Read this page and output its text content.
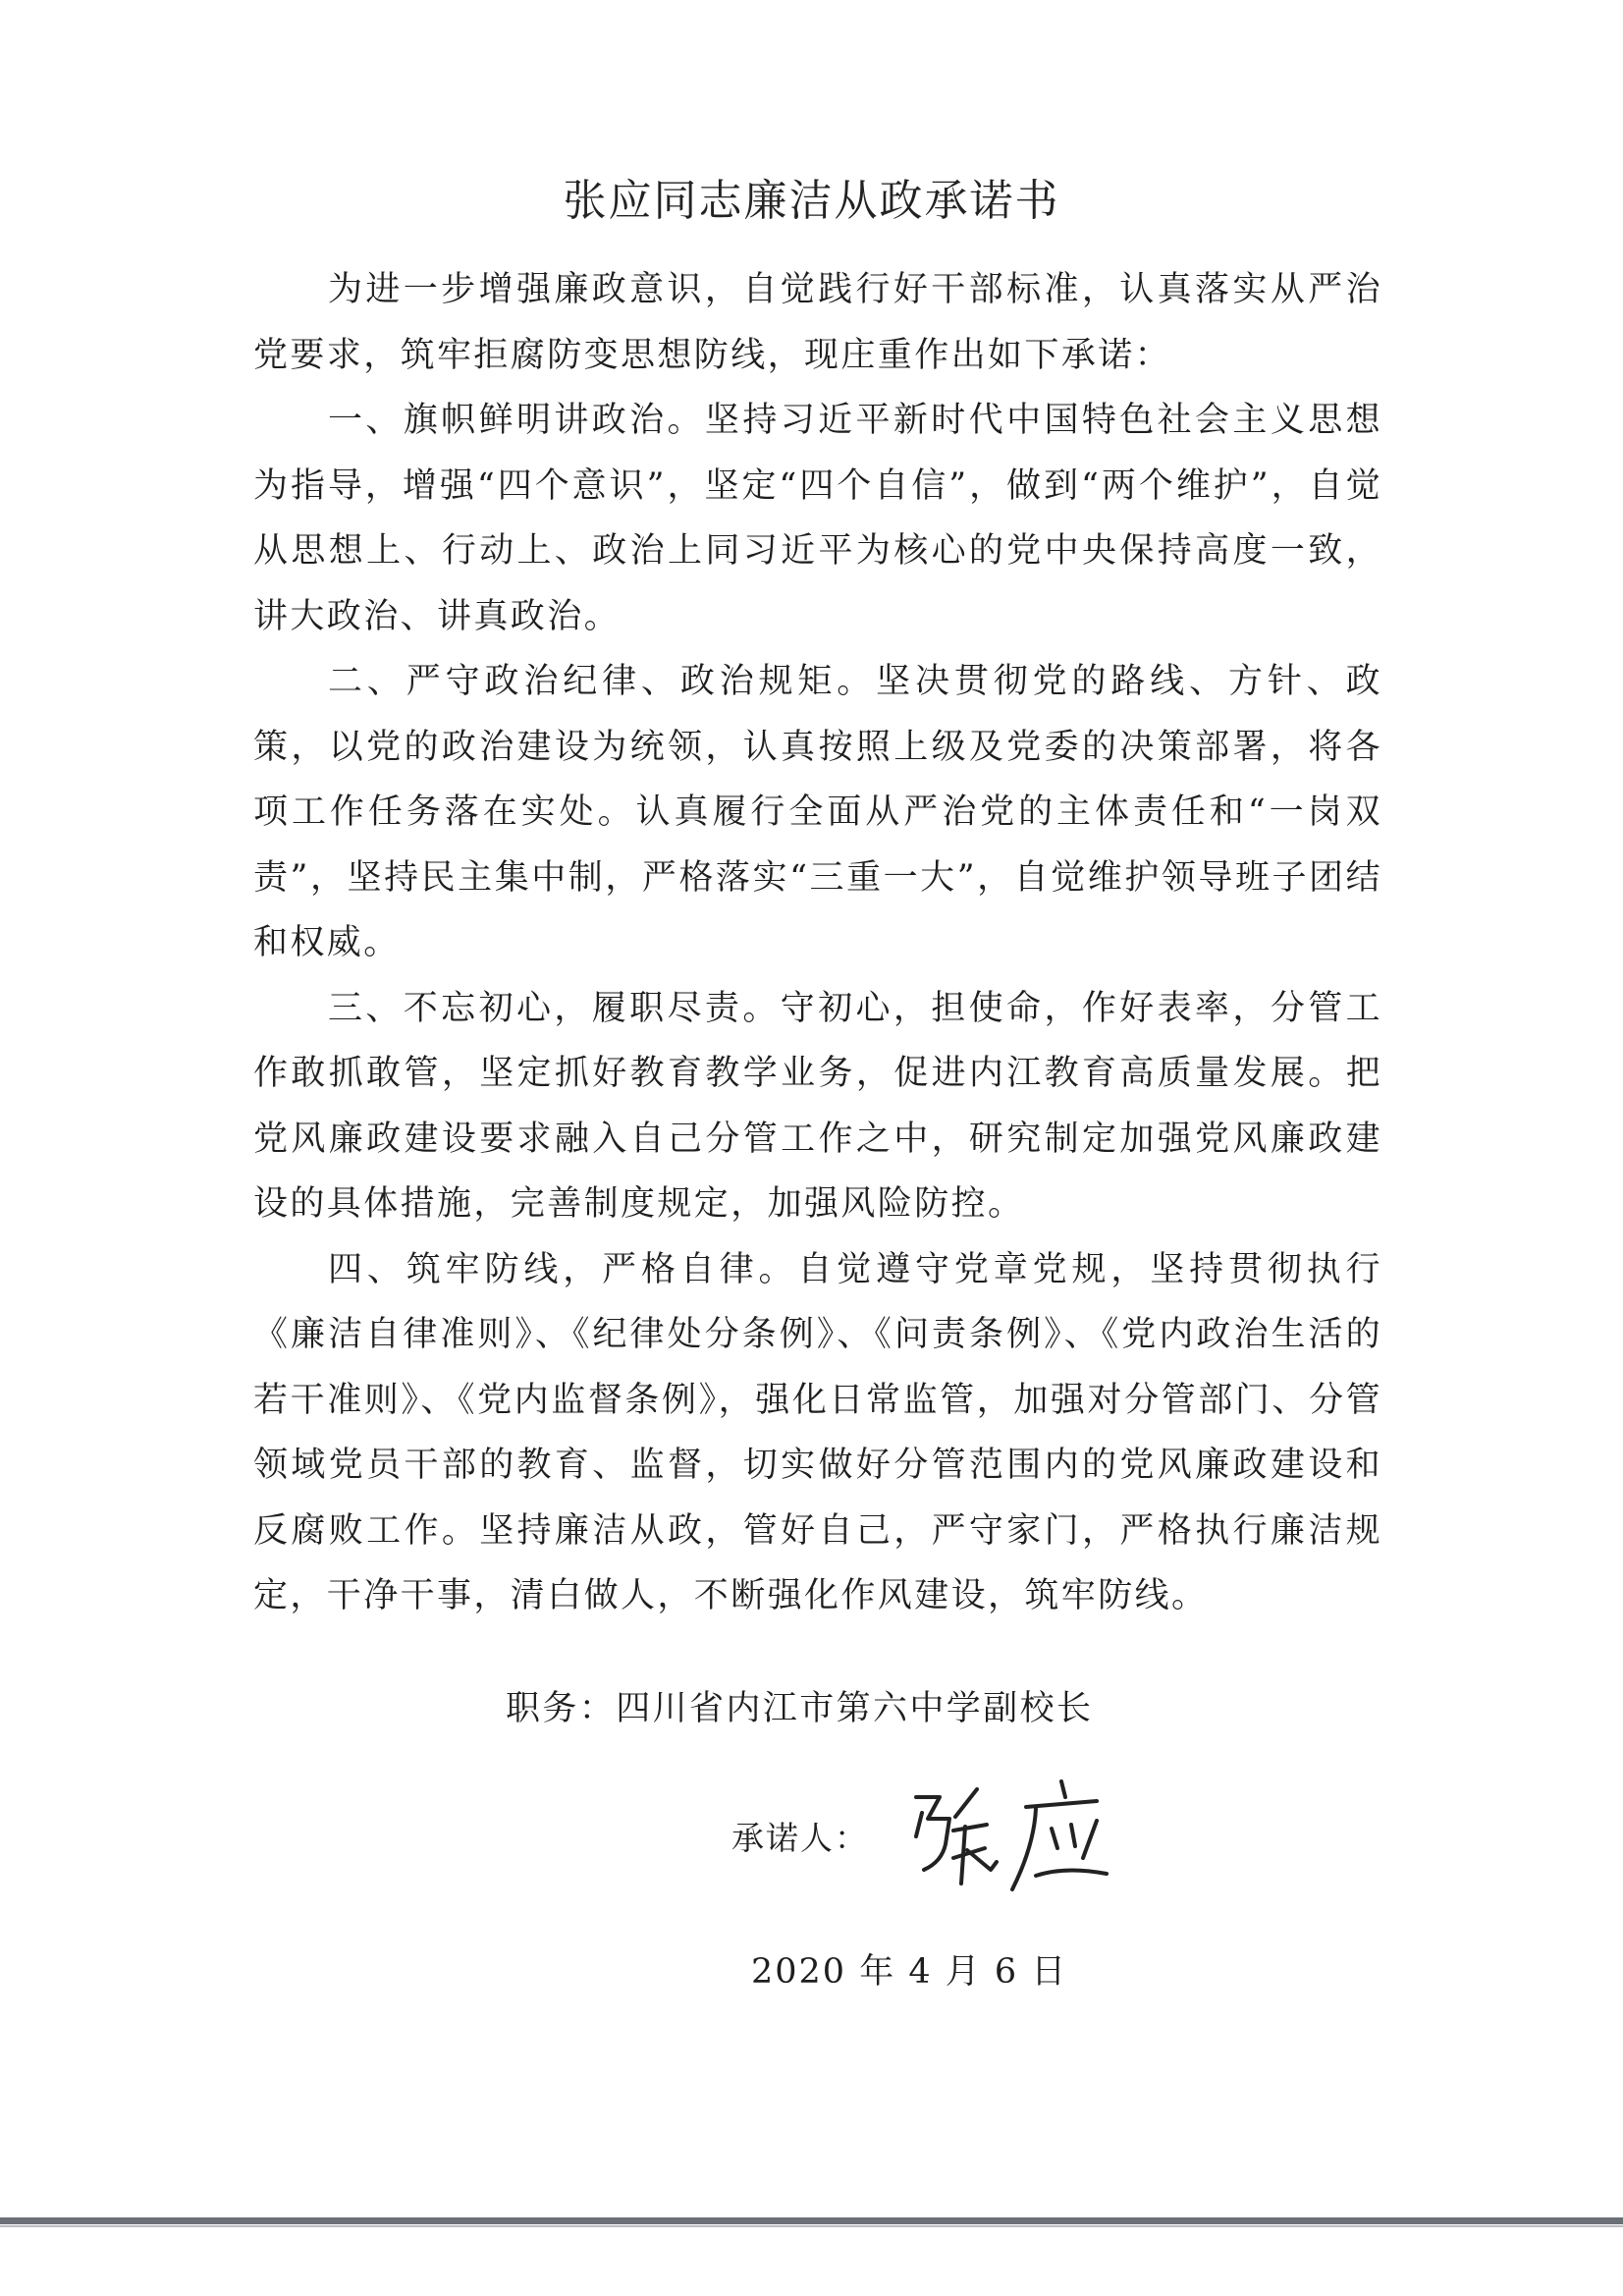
张应同志廉洁从政承诺书

为进一步增强廉政意识，自觉践行好干部标准，认真落实从严治党要求，筑牢拒腐防变思想防线，现庄重作出如下承诺：

一、旗帜鲜明讲政治。坚持习近平新时代中国特色社会主义思想为指导，增强“四个意识”，坚定“四个自信”，做到“两个维护”，自觉从思想上、行动上、政治上同习近平为核心的党中央保持高度一致，讲大政治、讲真政治。

二、严守政治纪律、政治规矩。坚决贯彻党的路线、方针、政策，以党的政治建设为统领，认真按照上级及党委的决策部署，将各项工作任务落在实处。认真履行全面从严治党的主体责任和“一岗双责”，坚持民主集中制，严格落实“三重一大”，自觉维护领导班子团结和权威。

三、不忘初心，履职尽责。守初心，担使命，作好表率，分管工作敢抓敢管，坚定抓好教育教学业务，促进内江教育高质量发展。把党风廉政建设要求融入自己分管工作之中，研究制定加强党风廉政建设的具体措施，完善制度规定，加强风险防控。

四、筑牢防线，严格自律。自觉遵守党章党规，坚持贯彻执行《廉洁自律准则》、《纪律处分条例》、《问责条例》、《党内政治生活的若干准则》、《党内监督条例》，强化日常监管，加强对分管部门、分管领域党员干部的教育、监督，切实做好分管范围内的党风廉政建设和反腐败工作。坚持廉洁从政，管好自己，严守家门，严格执行廉洁规定，干净干事，清白做人，不断强化作风建设，筑牢防线。

职务：四川省内江市第六中学副校长
承诺人：
2020 年 4 月 6 日
